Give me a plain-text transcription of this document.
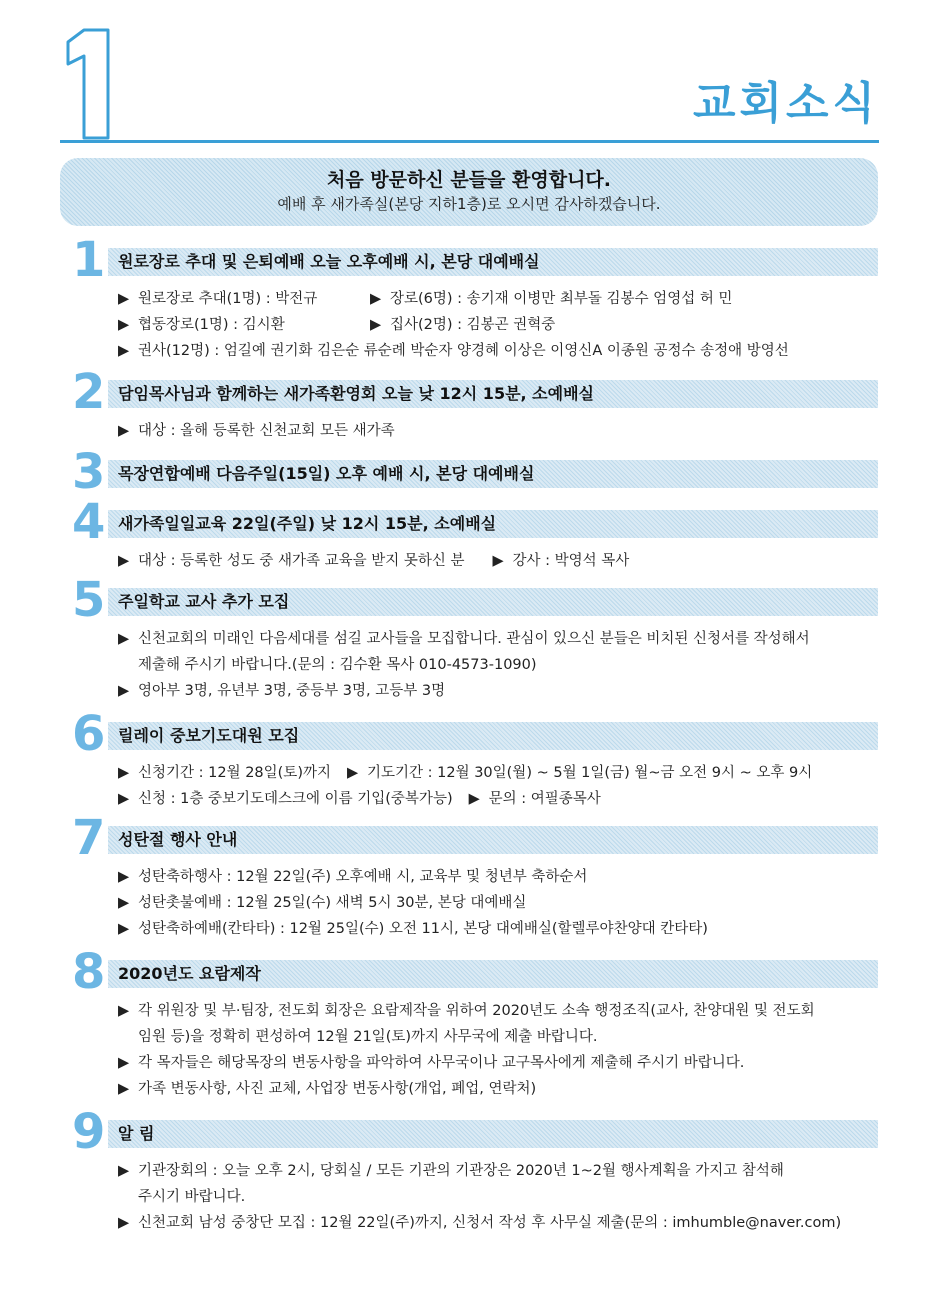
교회소식
처음 방문하신 분들을 환영합니다.
예배 후 새가족실(본당 지하1층)로 오시면 감사하겠습니다.
1 원로장로 추대 및 은퇴예배 오늘 오후예배 시, 본당 대예배실
▶ 원로장로 추대(1명) : 박전규	▶ 장로(6명) : 송기재 이병만 최부돌 김봉수 엄영섭 허 민
▶ 협동장로(1명) : 김시환	▶ 집사(2명) : 김봉곤 권혁중
▶ 권사(12명) : 엄길예 권기화 김은순 류순례 박순자 양경혜 이상은 이영신A 이종원 공정수 송정애 방영선
2 담임목사님과 함께하는 새가족환영회 오늘 낮 12시 15분, 소예배실
▶ 대상 : 올해 등록한 신천교회 모든 새가족
3 목장연합예배 다음주일(15일) 오후 예배 시, 본당 대예배실
4 새가족일일교육 22일(주일) 낮 12시 15분, 소예배실
▶ 대상 : 등록한 성도 중 새가족 교육을 받지 못하신 분 ▶ 강사 : 박영석 목사
5 주일학교 교사 추가 모집
▶ 신천교회의 미래인 다음세대를 섬길 교사들을 모집합니다. 관심이 있으신 분들은 비치된 신청서를 작성해서
제출해 주시기 바랍니다.(문의 : 김수환 목사 010-4573-1090)
▶ 영아부 3명, 유년부 3명, 중등부 3명, 고등부 3명
6 릴레이 중보기도대원 모집
▶ 신청기간 : 12월 28일(토)까지 ▶ 기도기간 : 12월 30일(월) ~ 5월 1일(금) 월~금 오전 9시 ~ 오후 9시
▶ 신청 : 1층 중보기도데스크에 이름 기입(중복가능) ▶ 문의 : 여필종목사
7 성탄절 행사 안내
▶ 성탄축하행사 : 12월 22일(주) 오후예배 시, 교육부 및 청년부 축하순서
▶ 성탄촛불예배 : 12월 25일(수) 새벽 5시 30분, 본당 대예배실
▶ 성탄축하예배(칸타타) : 12월 25일(수) 오전 11시, 본당 대예배실(할렐루야찬양대 칸타타)
8 2020년도 요람제작
▶ 각 위원장 및 부·팀장, 전도회 회장은 요람제작을 위하여 2020년도 소속 행정조직(교사, 찬양대원 및 전도회
임원 등)을 정확히 편성하여 12월 21일(토)까지 사무국에 제출 바랍니다.
▶ 각 목자들은 해당목장의 변동사항을 파악하여 사무국이나 교구목사에게 제출해 주시기 바랍니다.
▶ 가족 변동사항, 사진 교체, 사업장 변동사항(개업, 폐업, 연락처)
9 알 림
▶ 기관장회의 : 오늘 오후 2시, 당회실 / 모든 기관의 기관장은 2020년 1~2월 행사계획을 가지고 참석해
주시기 바랍니다.
▶ 신천교회 남성 중창단 모집 : 12월 22일(주)까지, 신청서 작성 후 사무실 제출(문의 : imhumble@naver.com)
